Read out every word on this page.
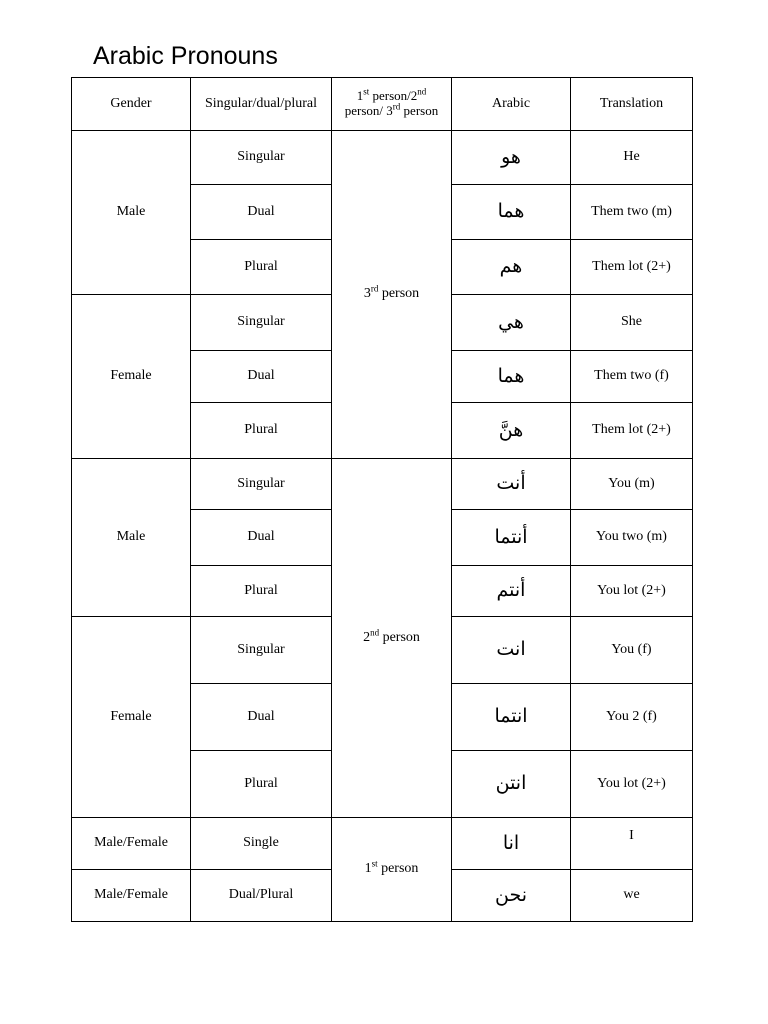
Arabic Pronouns
Gender	Singular/dual/plural	1st person/2nd person/ 3rd person	Arabic	Translation
Male	Singular	3rd person	هو	He
	Dual		هما	Them two (m)
	Plural		هم	Them lot (2+)
Female	Singular		هي	She
	Dual		هما	Them two (f)
	Plural		هنَّ	Them lot (2+)
Male	Singular	2nd person	أنت	You (m)
	Dual		أنتما	You two (m)
	Plural		أنتم	You lot (2+)
Female	Singular		انت	You (f)
	Dual		انتما	You 2 (f)
	Plural		انتن	You lot (2+)
Male/Female	Single	1st person	انا	I
Male/Female	Dual/Plural		نحن	we
